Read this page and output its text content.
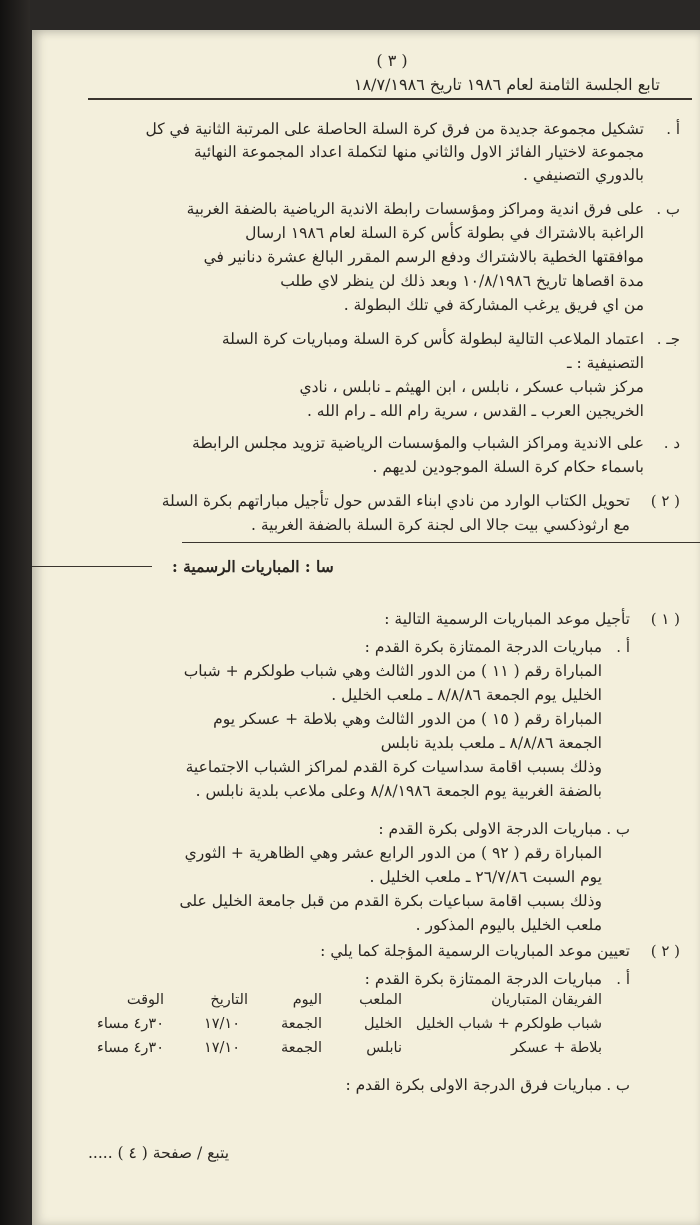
( ٣ )
تابع الجلسة الثامنة لعام ١٩٨٦ تاريخ ١٨/٧/١٩٨٦
أ .
تشكيل مجموعة جديدة من فرق كرة السلة الحاصلة على المرتبة الثانية في كل
مجموعة لاختيار الفائز الاول والثاني منها لتكملة اعداد المجموعة النهائية
بالدوري التصنيفي .
ب .
على فرق اندية ومراكز ومؤسسات رابطة الاندية الرياضية بالضفة الغربية
الراغبة بالاشتراك في بطولة كأس كرة السلة لعام ١٩٨٦ ارسال
موافقتها الخطية بالاشتراك ودفع الرسم المقرر البالغ عشرة دنانير في
مدة اقصاها تاريخ ١٠/٨/١٩٨٦ وبعد ذلك لن ينظر لاي طلب
من اي فريق يرغب المشاركة في تلك البطولة .
جـ .
اعتماد الملاعب التالية لبطولة كأس كرة السلة ومباريات كرة السلة
التصنيفية : ـ
مركز شباب عسكر ، نابلس ، ابن الهيثم ـ نابلس ، نادي
الخريجين العرب ـ القدس ، سرية رام الله ـ رام الله .
د .
على الاندية ومراكز الشباب والمؤسسات الرياضية تزويد مجلس الرابطة
باسماء حكام كرة السلة الموجودين لديهم .
( ٢ )
تحويل الكتاب الوارد من نادي ابناء القدس حول تأجيل مباراتهم بكرة السلة
مع ارثوذكسي بيت جالا الى لجنة كرة السلة بالضفة الغربية .
سا : المباريات الرسمية :
( ١ )
تأجيل موعد المباريات الرسمية التالية :
أ .
مباريات الدرجة الممتازة بكرة القدم :
المباراة رقم ( ١١ ) من الدور الثالث وهي شباب طولكرم + شباب
الخليل يوم الجمعة ٨/٨/٨٦ ـ ملعب الخليل .
المباراة رقم ( ١٥ ) من الدور الثالث وهي بلاطة + عسكر يوم
الجمعة ٨/٨/٨٦ ـ ملعب بلدية نابلس
وذلك بسبب اقامة سداسيات كرة القدم لمراكز الشباب الاجتماعية
بالضفة الغربية يوم الجمعة ٨/٨/١٩٨٦ وعلى ملاعب بلدية نابلس .
ب .
مباريات الدرجة الاولى بكرة القدم :
المباراة رقم ( ٩٢ ) من الدور الرابع عشر وهي الظاهرية + الثوري
يوم السبت ٢٦/٧/٨٦ ـ ملعب الخليل .
وذلك بسبب اقامة سباعيات بكرة القدم من قبل جامعة الخليل على
ملعب الخليل باليوم المذكور .
( ٢ )
تعيين موعد المباريات الرسمية المؤجلة كما يلي :
أ .
مباريات الدرجة الممتازة بكرة القدم :
الفريقان المتباريان
الملعب
اليوم
التاريخ
الوقت
شباب طولكرم + شباب الخليل
الخليل
الجمعة
١٧/١٠
٣٠ر٤ مساء
بلاطة + عسكر
نابلس
الجمعة
١٧/١٠
٣٠ر٤ مساء
ب .
مباريات فرق الدرجة الاولى بكرة القدم :
يتبع / صفحة ( ٤ ) .....
